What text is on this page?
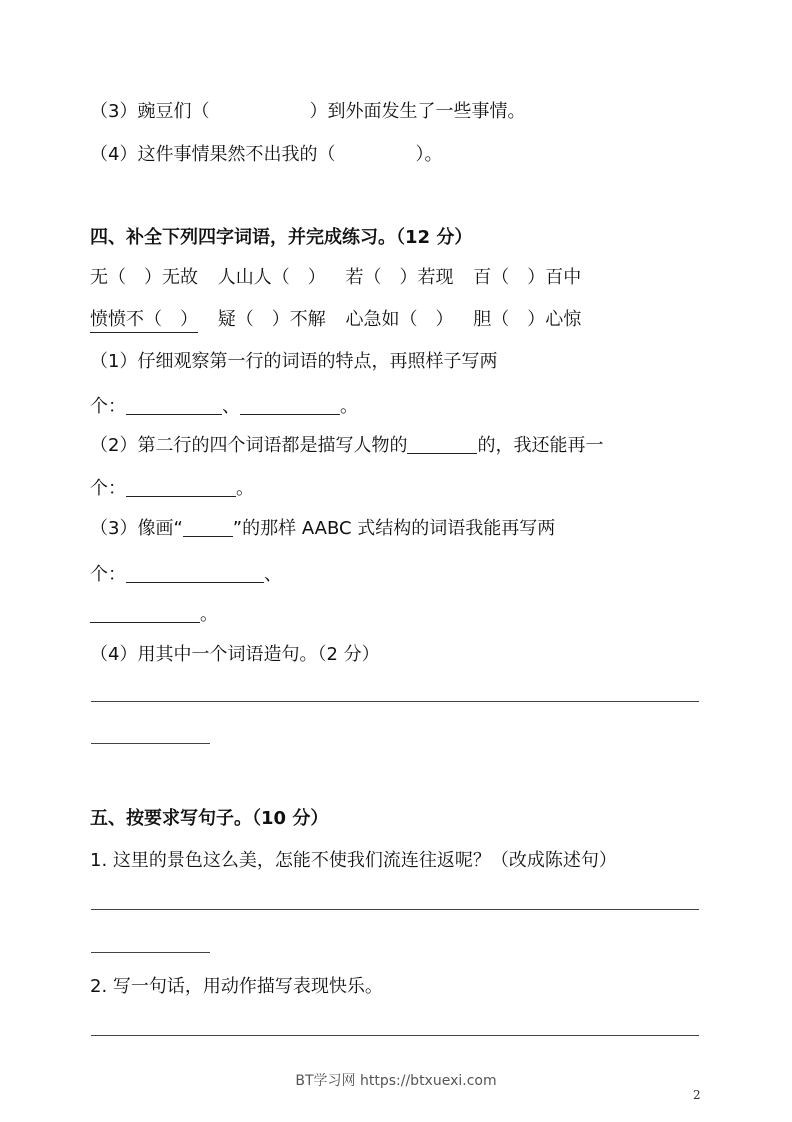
（3）豌豆们（	）到外面发生了一些事情。
（4）这件事情果然不出我的（	）。
四、补全下列四字词语，并完成练习。（12 分）
无（　）无故 人山人（　） 若（　）若现 百（　）百中
愤愤不（　） 疑（　）不解 心急如（　） 胆（　）心惊
（1）仔细观察第一行的词语的特点，再照样子写两
个：	、	。
（2）第二行的四个词语都是描写人物的	的，我还能再一
个：	。
（3）像画“	”的那样 AABC 式结构的词语我能再写两
个：	、
。
（4）用其中一个词语造句。（2 分）
五、按要求写句子。（10 分）
1. 这里的景色这么美，怎能不使我们流连往返呢？（改成陈述句）
2. 写一句话，用动作描写表现快乐。
BT学习网 https://btxuexi.com
2
